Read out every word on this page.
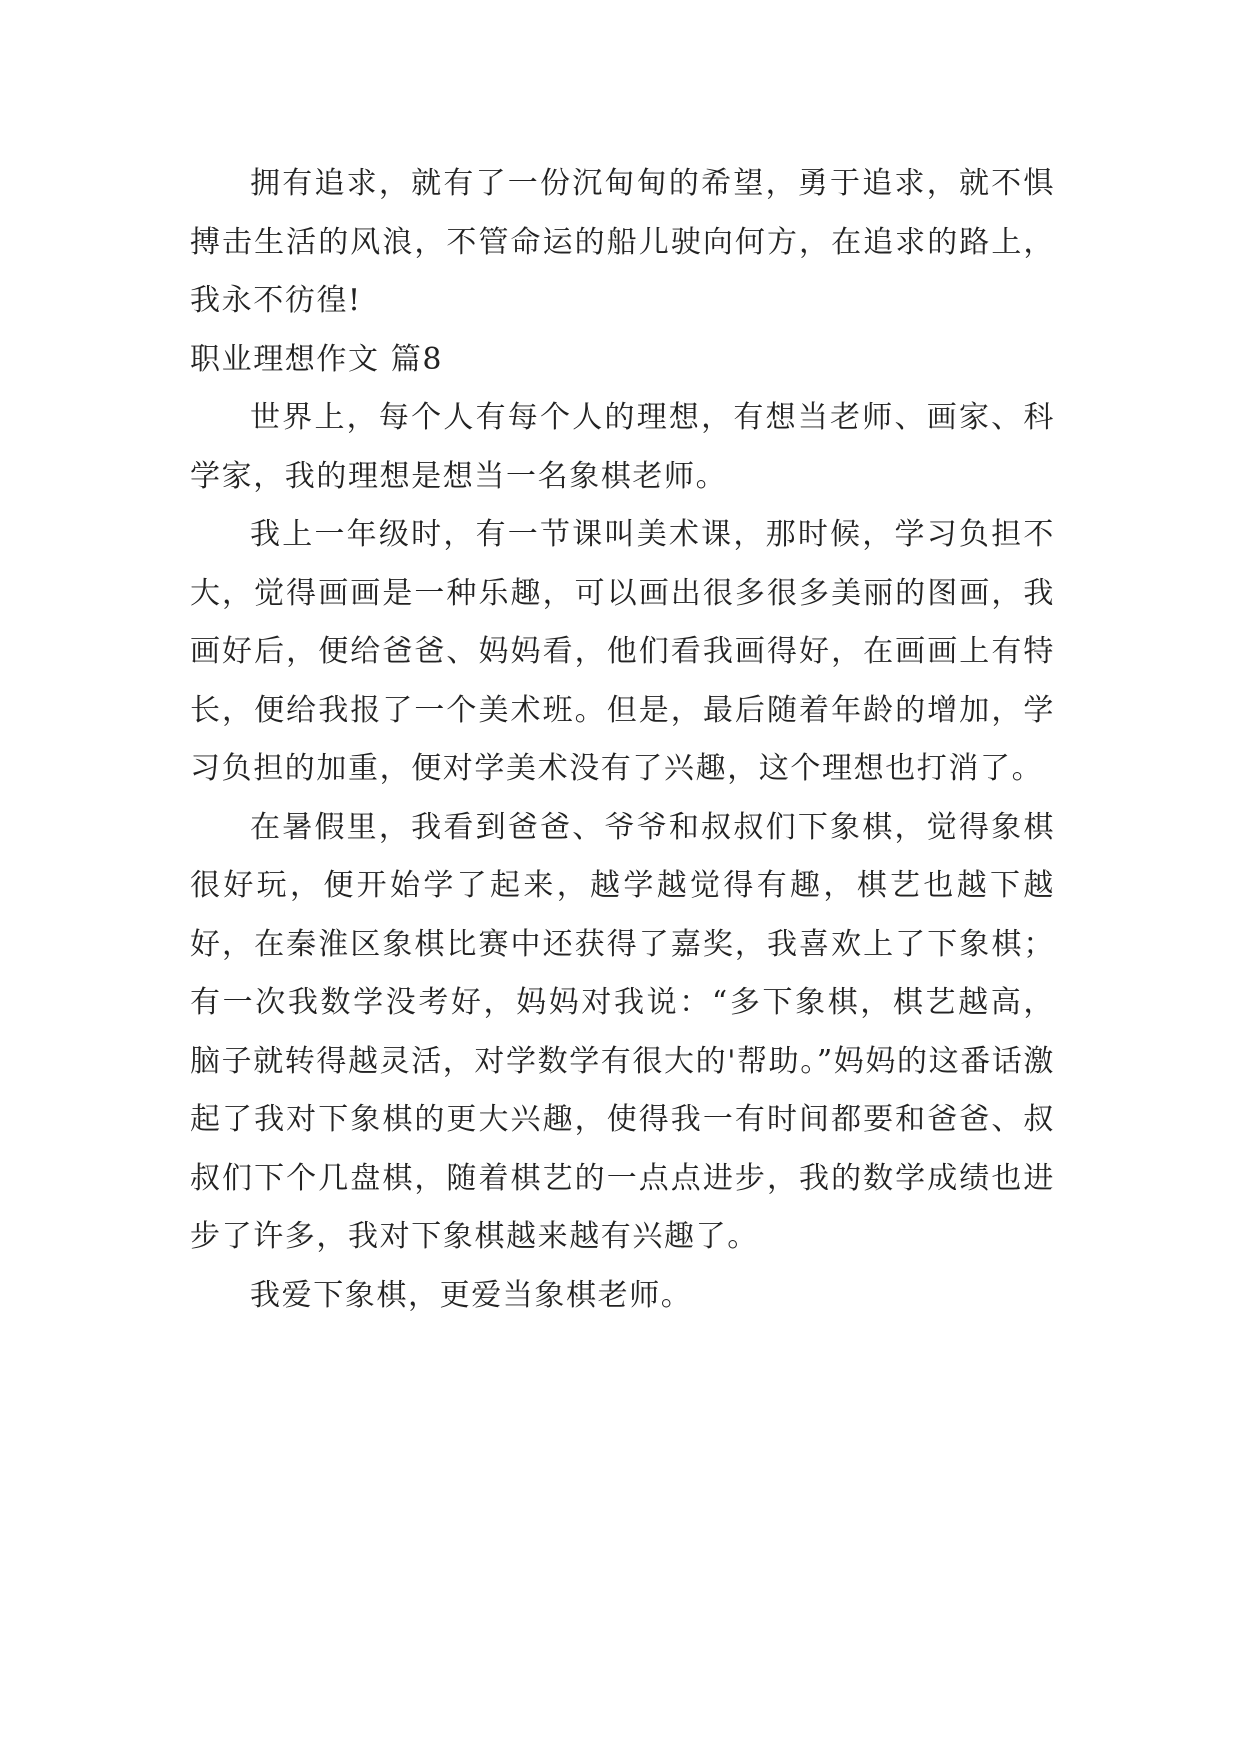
拥有追求，就有了一份沉甸甸的希望，勇于追求，就不惧搏击生活的风浪，不管命运的船儿驶向何方，在追求的路上，我永不彷徨!

职业理想作文 篇8

世界上，每个人有每个人的理想，有想当老师、画家、科学家，我的理想是想当一名象棋老师。

我上一年级时，有一节课叫美术课，那时候，学习负担不大，觉得画画是一种乐趣，可以画出很多很多美丽的图画，我画好后，便给爸爸、妈妈看，他们看我画得好，在画画上有特长，便给我报了一个美术班。但是，最后随着年龄的增加，学习负担的加重，便对学美术没有了兴趣，这个理想也打消了。

在暑假里，我看到爸爸、爷爷和叔叔们下象棋，觉得象棋很好玩，便开始学了起来，越学越觉得有趣，棋艺也越下越好，在秦淮区象棋比赛中还获得了嘉奖，我喜欢上了下象棋；有一次我数学没考好，妈妈对我说：“多下象棋，棋艺越高，脑子就转得越灵活，对学数学有很大的'帮助。”妈妈的这番话激起了我对下象棋的更大兴趣，使得我一有时间都要和爸爸、叔叔们下个几盘棋，随着棋艺的一点点进步，我的数学成绩也进步了许多，我对下象棋越来越有兴趣了。

我爱下象棋，更爱当象棋老师。
